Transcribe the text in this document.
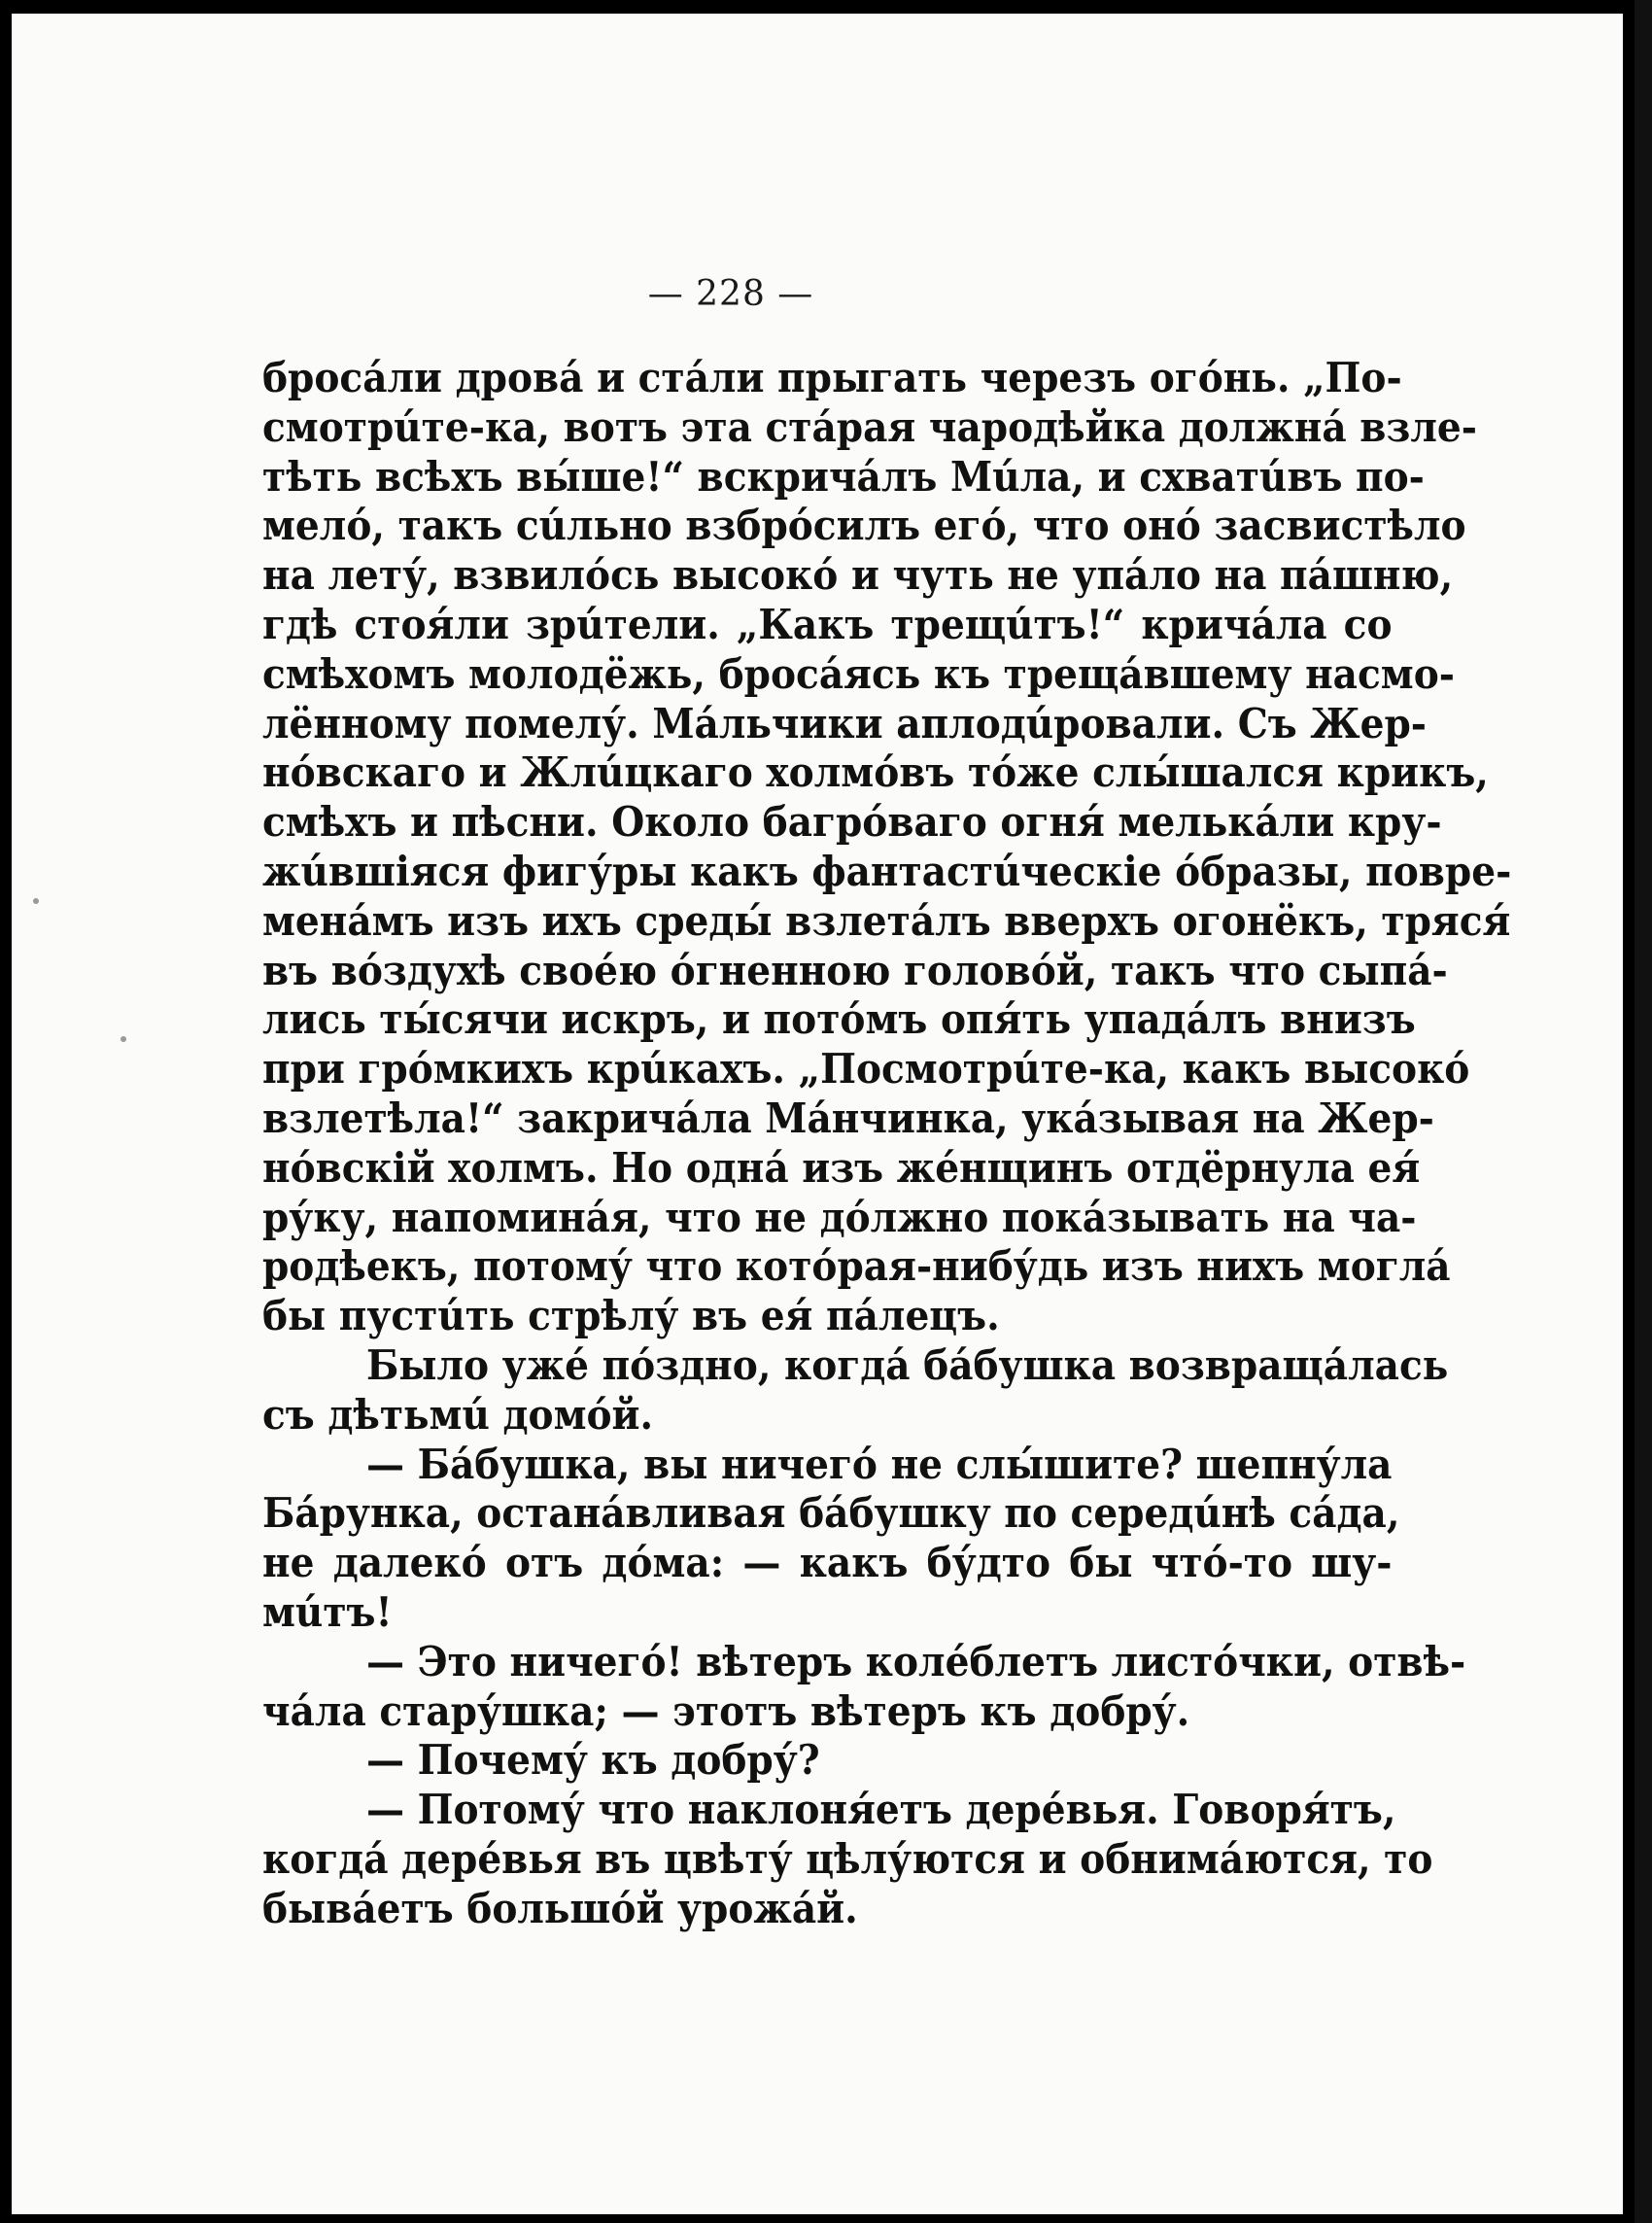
— 228 —
бросáли дровá и стáли прыгать черезъ огóнь. „По-
смотрúте-ка, вотъ эта стáрая чародѣйка должнá взле-
тѣть всѣхъ вы́ше!“ вскричáлъ Мúла, и схватúвъ по-
мелó, такъ сúльно взбрóсилъ егó, что онó засвистѣло
на лету́, взвилóсь высокó и чуть не упáло на пáшню,
гдѣ стоя́ли зрúтели. „Какъ трещúтъ!“ кричáла со
смѣхомъ молодёжь, бросáясь къ трещáвшему насмо-
лённому помелу́. Мáльчики аплодúровали. Съ Жер-
нóвскаго и Жлúцкаго холмóвъ тóже слы́шался крикъ,
смѣхъ и пѣсни. Около багрóваго огня́ мелькáли кру-
жúвшіяся фигу́ры какъ фантастúческіе óбразы, повре-
менáмъ изъ ихъ среды́ взлетáлъ вверхъ огонёкъ, тряся́
въ вóздухѣ своéю óгненною головóй, такъ что сыпá-
лись ты́сячи искръ, и потóмъ опя́ть упадáлъ внизъ
при грóмкихъ крúкахъ. „Посмотрúте-ка, какъ высокó
взлетѣла!“ закричáла Мáнчинка, укáзывая на Жер-
нóвскій холмъ. Но однá изъ жéнщинъ отдёрнула ея́
ру́ку, напоминáя, что не дóлжно покáзывать на ча-
родѣекъ, потому́ что котóрая-нибу́дь изъ нихъ моглá
бы пустúть стрѣлу́ въ ея́ пáлецъ.
Было ужé пóздно, когдá бáбушка возвращáлась
съ дѣтьмú домóй.
— Бáбушка, вы ничегó не слы́шите? шепну́ла
Бáрунка, останáвливая бáбушку по середúнѣ сáда,
не далекó отъ дóма: — какъ бу́дто бы чтó-то шу-
мúтъ!
— Это ничегó! вѣтеръ колéблетъ листóчки, отвѣ-
чáла стару́шка; — этотъ вѣтеръ къ добру́.
— Почему́ къ добру́?
— Потому́ что наклоня́етъ дерéвья. Говоря́тъ,
когдá дерéвья въ цвѣту́ цѣлу́ются и обнимáются, то
бывáетъ большóй урожáй.
